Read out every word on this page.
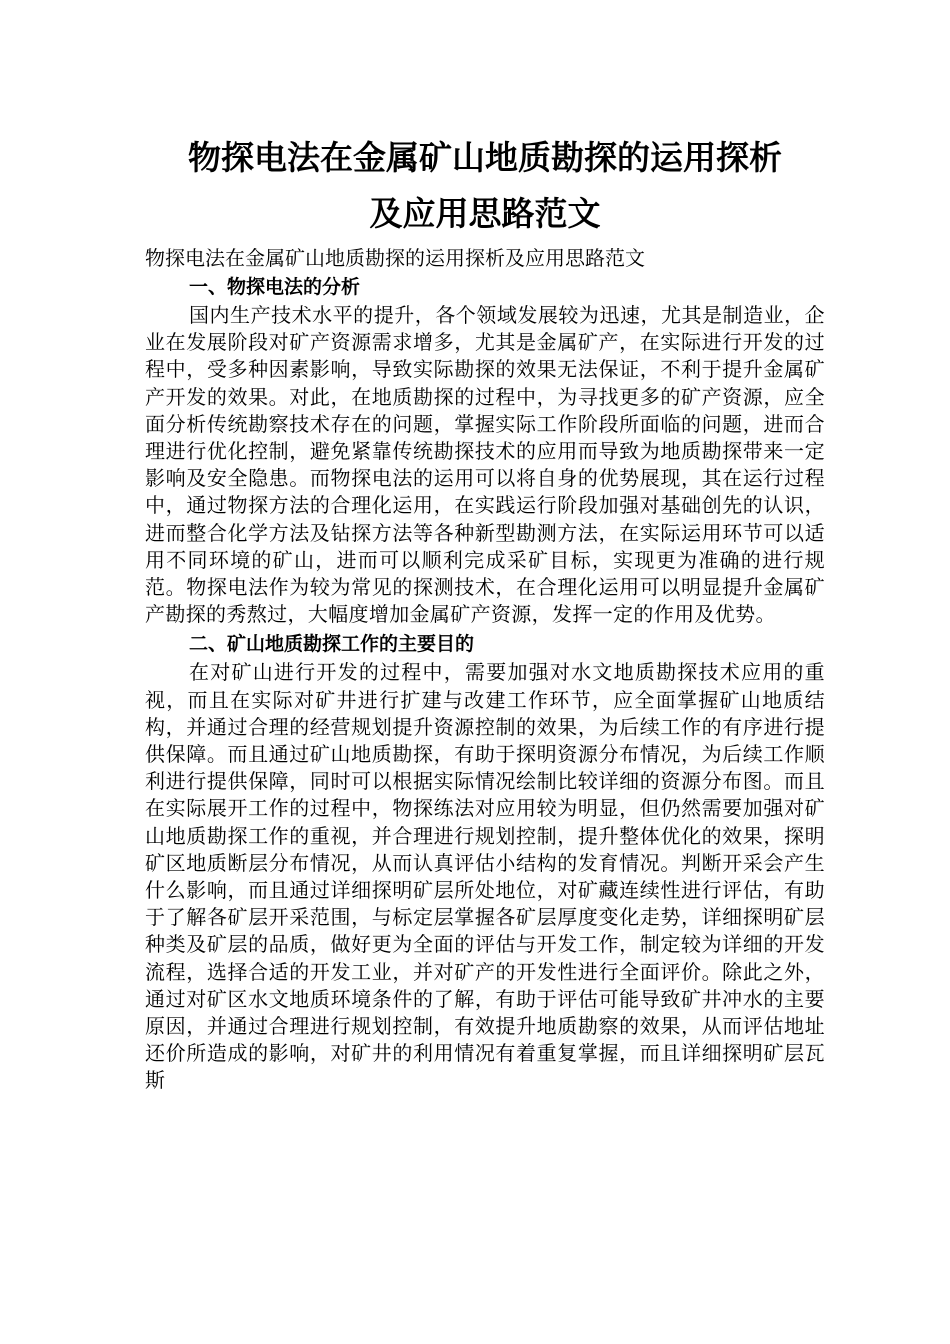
物探电法在金属矿山地质勘探的运用探析
及应用思路范文

物探电法在金属矿山地质勘探的运用探析及应用思路范文

一、物探电法的分析

国内生产技术水平的提升，各个领域发展较为迅速，尤其是制造业，企业在发展阶段对矿产资源需求增多，尤其是金属矿产，在实际进行开发的过程中，受多种因素影响，导致实际勘探的效果无法保证，不利于提升金属矿产开发的效果。对此，在地质勘探的过程中，为寻找更多的矿产资源，应全面分析传统勘察技术存在的问题，掌握实际工作阶段所面临的问题，进而合理进行优化控制，避免紧靠传统勘探技术的应用而导致为地质勘探带来一定影响及安全隐患。而物探电法的运用可以将自身的优势展现，其在运行过程中，通过物探方法的合理化运用，在实践运行阶段加强对基础创先的认识，进而整合化学方法及钻探方法等各种新型勘测方法，在实际运用环节可以适用不同环境的矿山，进而可以顺利完成采矿目标，实现更为准确的进行规范。物探电法作为较为常见的探测技术，在合理化运用可以明显提升金属矿产勘探的秀熬过，大幅度增加金属矿产资源，发挥一定的作用及优势。

二、矿山地质勘探工作的主要目的

在对矿山进行开发的过程中，需要加强对水文地质勘探技术应用的重视，而且在实际对矿井进行扩建与改建工作环节，应全面掌握矿山地质结构，并通过合理的经营规划提升资源控制的效果，为后续工作的有序进行提供保障。而且通过矿山地质勘探，有助于探明资源分布情况，为后续工作顺利进行提供保障，同时可以根据实际情况绘制比较详细的资源分布图。而且在实际展开工作的过程中，物探练法对应用较为明显，但仍然需要加强对矿山地质勘探工作的重视，并合理进行规划控制，提升整体优化的效果，探明矿区地质断层分布情况，从而认真评估小结构的发育情况。判断开采会产生什么影响，而且通过详细探明矿层所处地位，对矿藏连续性进行评估，有助于了解各矿层开采范围，与标定层掌握各矿层厚度变化走势，详细探明矿层种类及矿层的品质，做好更为全面的评估与开发工作，制定较为详细的开发流程，选择合适的开发工业，并对矿产的开发性进行全面评价。除此之外，通过对矿区水文地质环境条件的了解，有助于评估可能导致矿井冲水的主要原因，并通过合理进行规划控制，有效提升地质勘察的效果，从而评估地址还价所造成的影响，对矿井的利用情况有着重复掌握，而且详细探明矿层瓦斯
